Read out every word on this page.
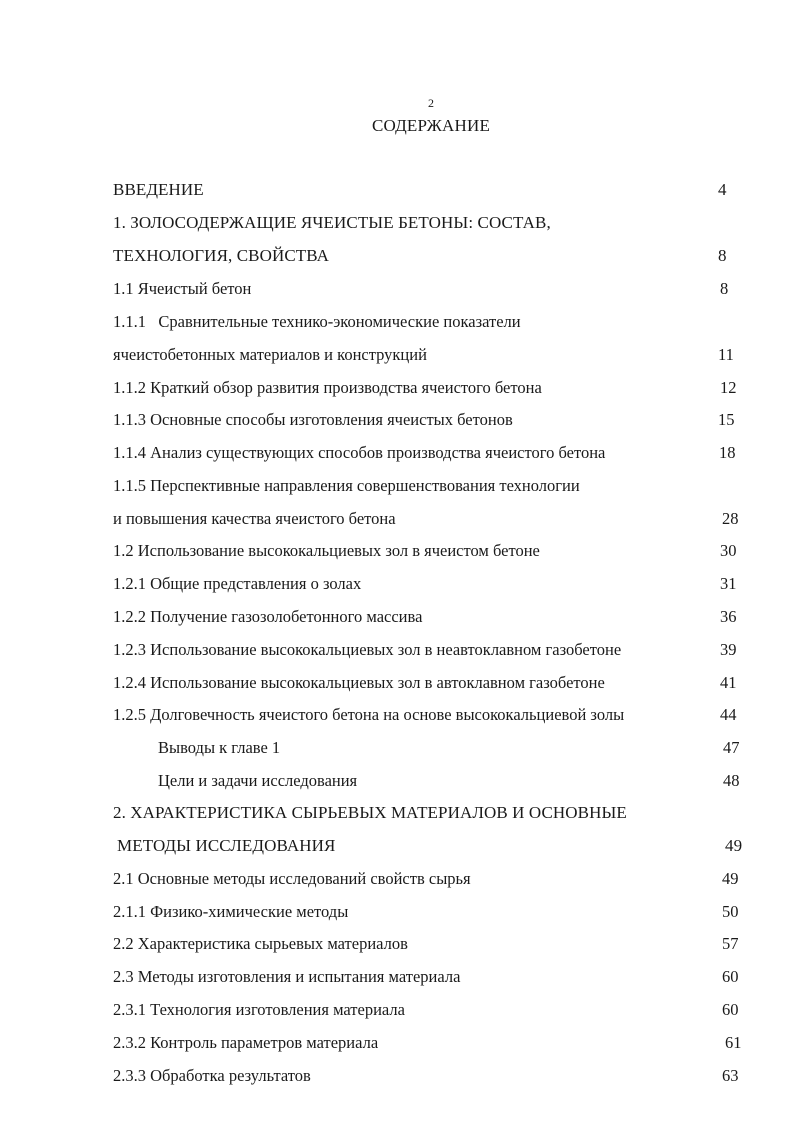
2
СОДЕРЖАНИЕ
ВВЕДЕНИЕ	4
1. ЗОЛОСОДЕРЖАЩИЕ ЯЧЕИСТЫЕ БЕТОНЫ: СОСТАВ,
ТЕХНОЛОГИЯ, СВОЙСТВА	8
1.1 Ячеистый бетон	8
1.1.1   Сравнительные технико-экономические показатели
ячеистобетонных материалов и конструкций	11
1.1.2 Краткий обзор развития производства ячеистого бетона	12
1.1.3 Основные способы изготовления ячеистых бетонов	15
1.1.4 Анализ существующих способов производства ячеистого бетона	18
1.1.5 Перспективные направления совершенствования технологии
и повышения качества ячеистого бетона	28
1.2 Использование высококальциевых зол в ячеистом бетоне	30
1.2.1 Общие представления о золах	31
1.2.2 Получение газозолобетонного массива	36
1.2.3 Использование высококальциевых зол в неавтоклавном газобетоне	39
1.2.4 Использование высококальциевых зол в автоклавном газобетоне	41
1.2.5 Долговечность ячеистого бетона на основе высококальциевой золы	44
Выводы к главе 1	47
Цели и задачи исследования	48
2. ХАРАКТЕРИСТИКА СЫРЬЕВЫХ МАТЕРИАЛОВ И ОСНОВНЫЕ
МЕТОДЫ ИССЛЕДОВАНИЯ	49
2.1 Основные методы исследований свойств сырья	49
2.1.1 Физико-химические методы	50
2.2 Характеристика сырьевых материалов	57
2.3 Методы изготовления и испытания материала	60
2.3.1 Технология изготовления материала	60
2.3.2 Контроль параметров материала	61
2.3.3 Обработка результатов	63
